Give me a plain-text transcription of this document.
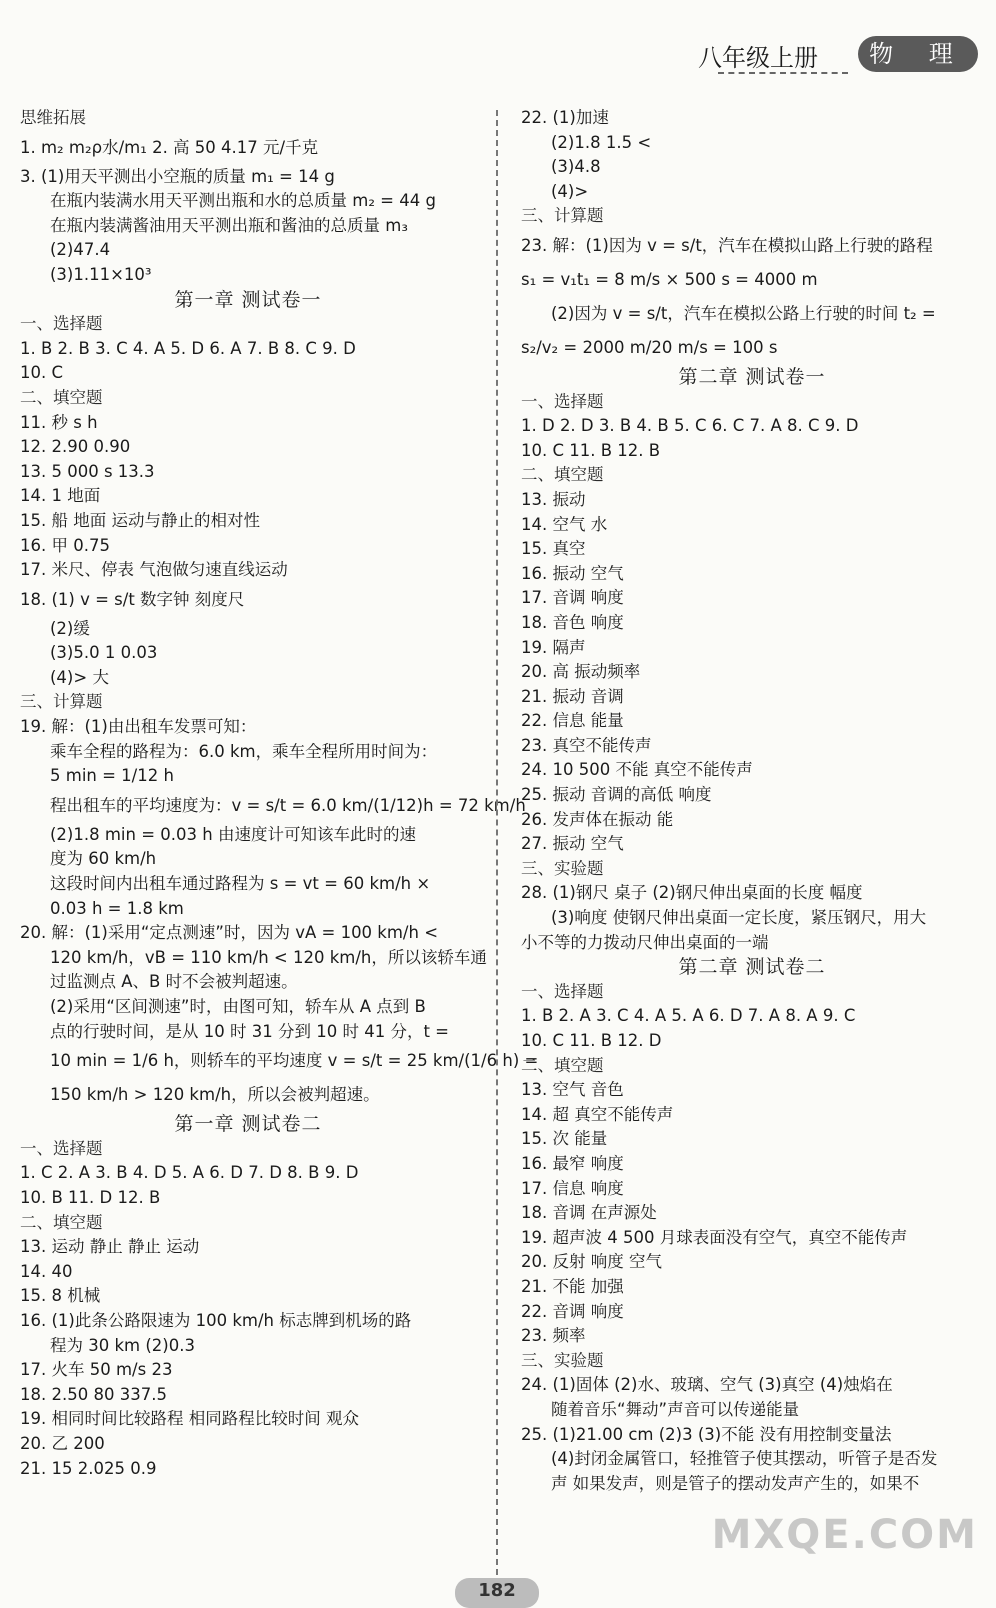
八年级上册	物 理
思维拓展
1. m₂ m₂ρ水/m₁ 2. 高 50 4.17 元/千克
3. (1)用天平测出小空瓶的质量 m₁ = 14 g
在瓶内装满水用天平测出瓶和水的总质量 m₂ = 44 g
在瓶内装满酱油用天平测出瓶和酱油的总质量 m₃
(2)47.4
(3)1.11×10³
第一章 测试卷一
一、选择题
1. B 2. B 3. C 4. A 5. D 6. A 7. B 8. C 9. D
10. C
二、填空题
11. 秒 s h
12. 2.90 0.90
13. 5 000 s 13.3
14. 1 地面
15. 船 地面 运动与静止的相对性
16. 甲 0.75
17. 米尺、停表 气泡做匀速直线运动
18. (1) v = s/t 数字钟 刻度尺
(2)缓
(3)5.0 1 0.03
(4)> 大
三、计算题
19. 解：(1)由出租车发票可知：
乘车全程的路程为：6.0 km，乘车全程所用时间为：
5 min = 1/12 h
程出租车的平均速度为：v = s/t = 6.0 km/(1/12)h = 72 km/h
(2)1.8 min = 0.03 h 由速度计可知该车此时的速
度为 60 km/h
这段时间内出租车通过路程为 s = vt = 60 km/h ×
0.03 h = 1.8 km
20. 解：(1)采用“定点测速”时，因为 vA = 100 km/h <
120 km/h，vB = 110 km/h < 120 km/h，所以该轿车通
过监测点 A、B 时不会被判超速。
(2)采用“区间测速”时，由图可知，轿车从 A 点到 B
点的行驶时间，是从 10 时 31 分到 10 时 41 分，t =
10 min = 1/6 h，则轿车的平均速度 v = s/t = 25 km/(1/6 h) =
150 km/h > 120 km/h，所以会被判超速。
第一章 测试卷二
一、选择题
1. C 2. A 3. B 4. D 5. A 6. D 7. D 8. B 9. D
10. B 11. D 12. B
二、填空题
13. 运动 静止 静止 运动
14. 40
15. 8 机械
16. (1)此条公路限速为 100 km/h 标志牌到机场的路
程为 30 km (2)0.3
17. 火车 50 m/s 23
18. 2.50 80 337.5
19. 相同时间比较路程 相同路程比较时间 观众
20. 乙 200
21. 15 2.025 0.9
22. (1)加速
(2)1.8 1.5 <
(3)4.8
(4)>
三、计算题
23. 解：(1)因为 v = s/t，汽车在模拟山路上行驶的路程
s₁ = v₁t₁ = 8 m/s × 500 s = 4000 m
(2)因为 v = s/t，汽车在模拟公路上行驶的时间 t₂ =
s₂/v₂ = 2000 m/20 m/s = 100 s
第二章 测试卷一
一、选择题
1. D 2. D 3. B 4. B 5. C 6. C 7. A 8. C 9. D
10. C 11. B 12. B
二、填空题
13. 振动
14. 空气 水
15. 真空
16. 振动 空气
17. 音调 响度
18. 音色 响度
19. 隔声
20. 高 振动频率
21. 振动 音调
22. 信息 能量
23. 真空不能传声
24. 10 500 不能 真空不能传声
25. 振动 音调的高低 响度
26. 发声体在振动 能
27. 振动 空气
三、实验题
28. (1)钢尺 桌子 (2)钢尺伸出桌面的长度 幅度
(3)响度 使钢尺伸出桌面一定长度，紧压钢尺，用大
小不等的力拨动尺伸出桌面的一端
第二章 测试卷二
一、选择题
1. B 2. A 3. C 4. A 5. A 6. D 7. A 8. A 9. C
10. C 11. B 12. D
二、填空题
13. 空气 音色
14. 超 真空不能传声
15. 次 能量
16. 最窄 响度
17. 信息 响度
18. 音调 在声源处
19. 超声波 4 500 月球表面没有空气，真空不能传声
20. 反射 响度 空气
21. 不能 加强
22. 音调 响度
23. 频率
三、实验题
24. (1)固体 (2)水、玻璃、空气 (3)真空 (4)烛焰在
随着音乐“舞动”声音可以传递能量
25. (1)21.00 cm (2)3 (3)不能 没有用控制变量法
(4)封闭金属管口，轻推管子使其摆动，听管子是否发
声 如果发声，则是管子的摆动发声产生的，如果不
182
MXQE.COM
